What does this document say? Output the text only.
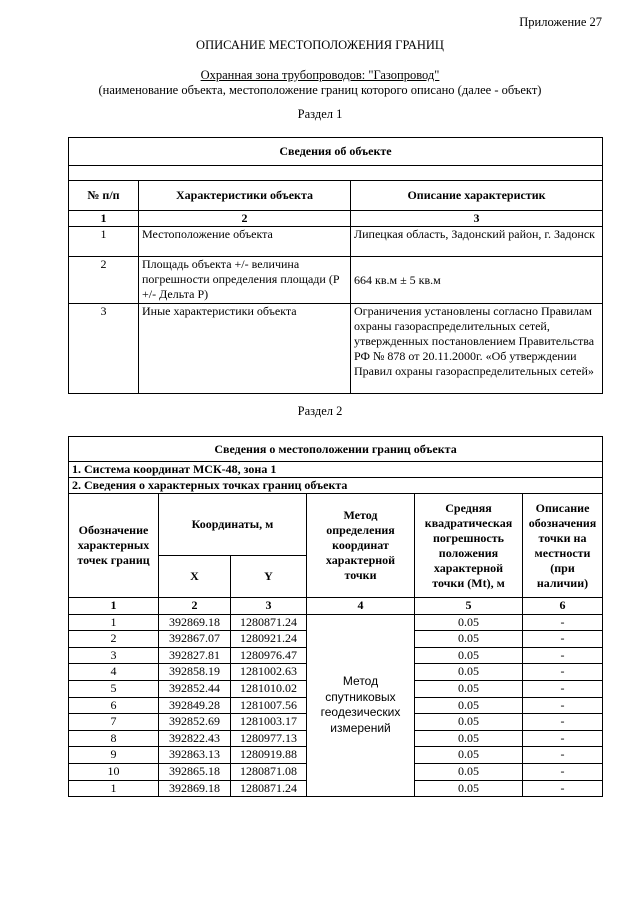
Приложение 27
ОПИСАНИЕ МЕСТОПОЛОЖЕНИЯ ГРАНИЦ
Охранная зона трубопроводов: "Газопровод"
(наименование объекта, местоположение границ которого описано (далее - объект)
Раздел 1
Сведения об объекте		

№ п/п	Характеристики объекта	Описание характеристик
1	2	3
1	Местоположение объекта	Липецкая область, Задонский район, г. Задонск
2	Площадь объекта +/- величина погрешности определения площади (P +/- Дельта P)	664 кв.м ± 5 кв.м
3	Иные характеристики объекта	Ограничения установлены согласно Правилам охраны газораспределительных сетей, утвержденных постановлением Правительства РФ № 878 от 20.11.2000г. «Об утверждении Правил охраны газораспределительных сетей»
Раздел 2
Сведения о местоположении границ объекта					
1. Система координат МСК-48, зона 1					
2. Сведения о характерных точках границ объекта					
Обозначение характерных точек границ	Координаты, м		Метод определения координат характерной точки	Средняя квадратическая погрешность положения характерной точки (Mt), м	Описание обозначения точки на местности (при наличии)
	X	Y			
1	2	3	4	5	6
1	392869.18	1280871.24	Метод спутниковых геодезических измерений	0.05	-
2	392867.07	1280921.24		0.05	-
3	392827.81	1280976.47		0.05	-
4	392858.19	1281002.63		0.05	-
5	392852.44	1281010.02		0.05	-
6	392849.28	1281007.56		0.05	-
7	392852.69	1281003.17		0.05	-
8	392822.43	1280977.13		0.05	-
9	392863.13	1280919.88		0.05	-
10	392865.18	1280871.08		0.05	-
1	392869.18	1280871.24		0.05	-
